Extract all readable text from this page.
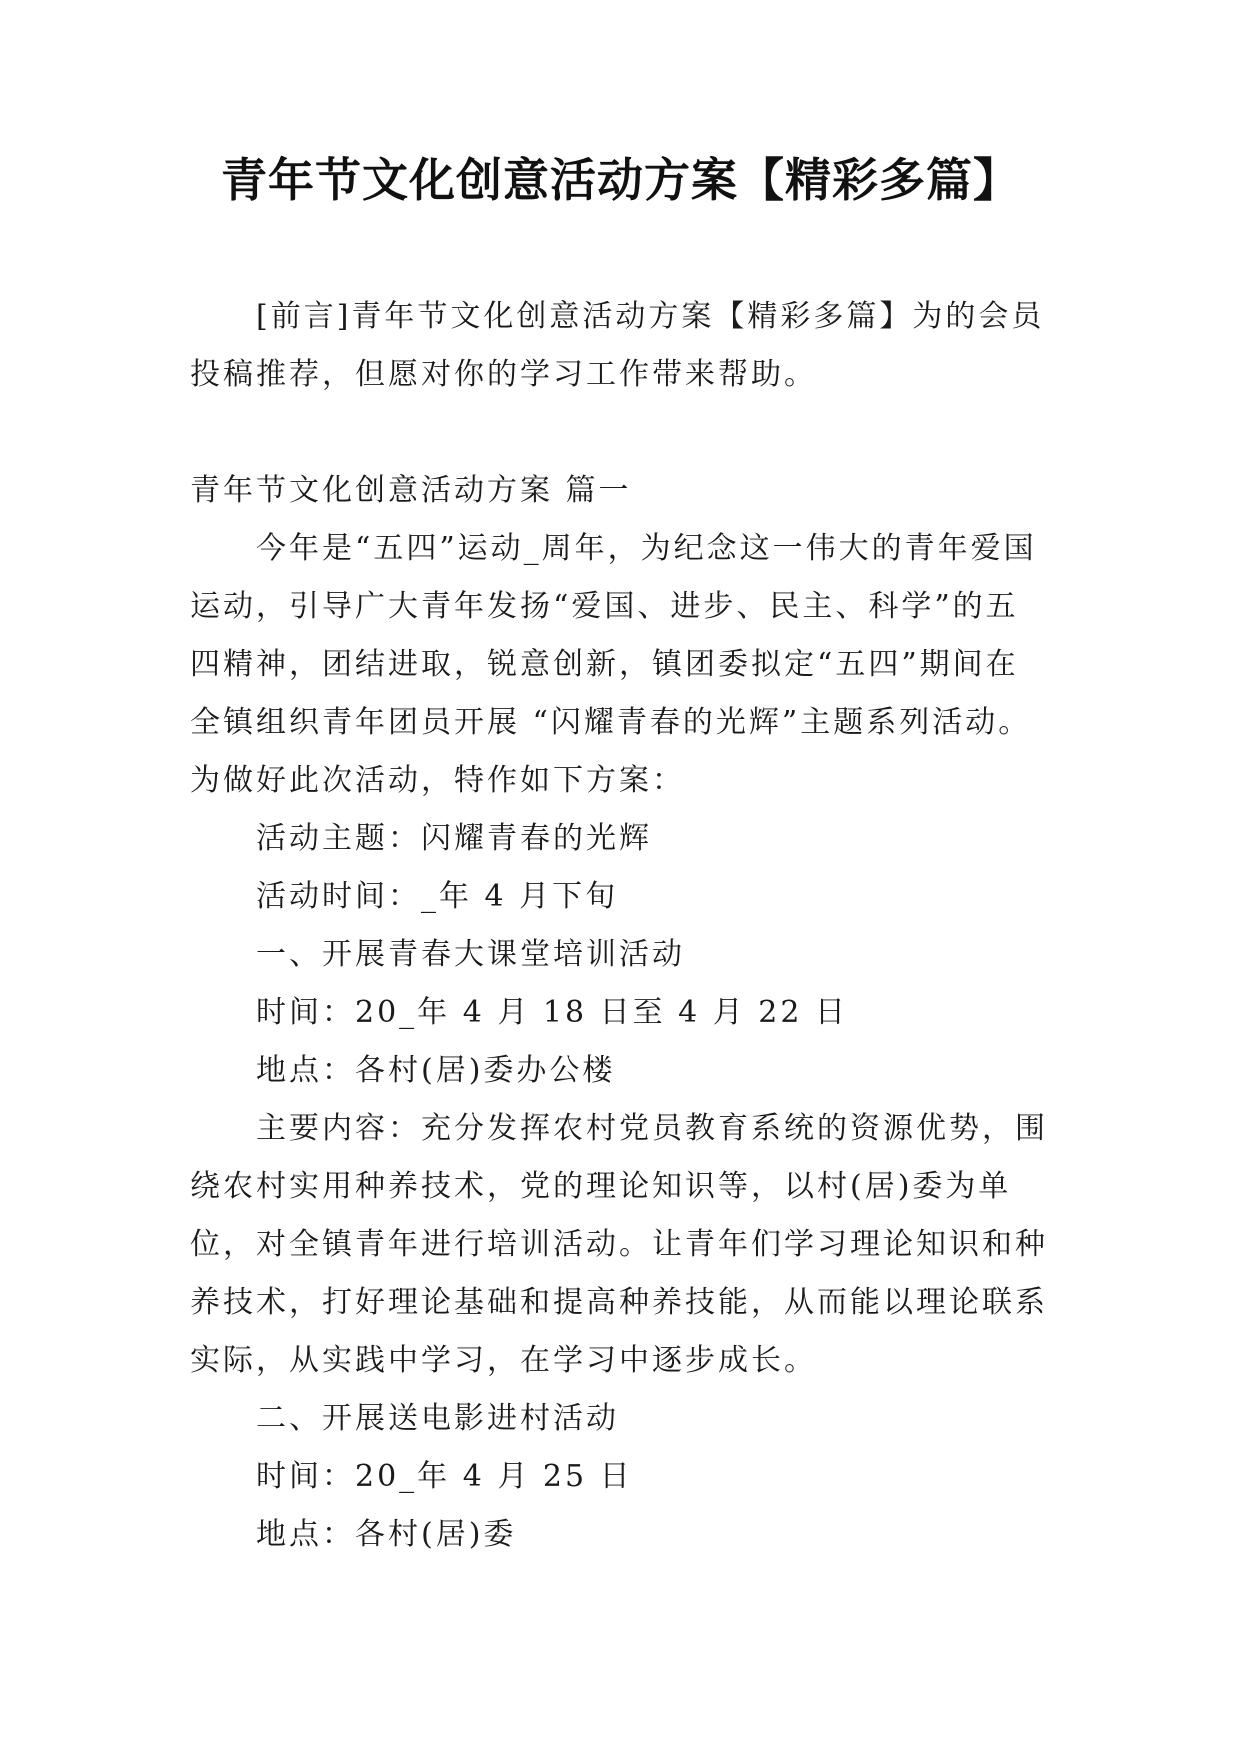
青年节文化创意活动方案【精彩多篇】

[前言]青年节文化创意活动方案【精彩多篇】为的会员投稿推荐，但愿对你的学习工作带来帮助。

青年节文化创意活动方案 篇一

今年是“五四”运动_周年，为纪念这一伟大的青年爱国运动，引导广大青年发扬“爱国、进步、民主、科学”的五四精神，团结进取，锐意创新，镇团委拟定“五四”期间在全镇组织青年团员开展 “闪耀青春的光辉”主题系列活动。为做好此次活动，特作如下方案：

活动主题：闪耀青春的光辉

活动时间：_年 4 月下旬

一、开展青春大课堂培训活动

时间：20_年 4 月 18 日至 4 月 22 日

地点：各村(居)委办公楼

主要内容：充分发挥农村党员教育系统的资源优势，围绕农村实用种养技术，党的理论知识等，以村(居)委为单位，对全镇青年进行培训活动。让青年们学习理论知识和种养技术，打好理论基础和提高种养技能，从而能以理论联系实际，从实践中学习，在学习中逐步成长。

二、开展送电影进村活动

时间：20_年 4 月 25 日

地点：各村(居)委
